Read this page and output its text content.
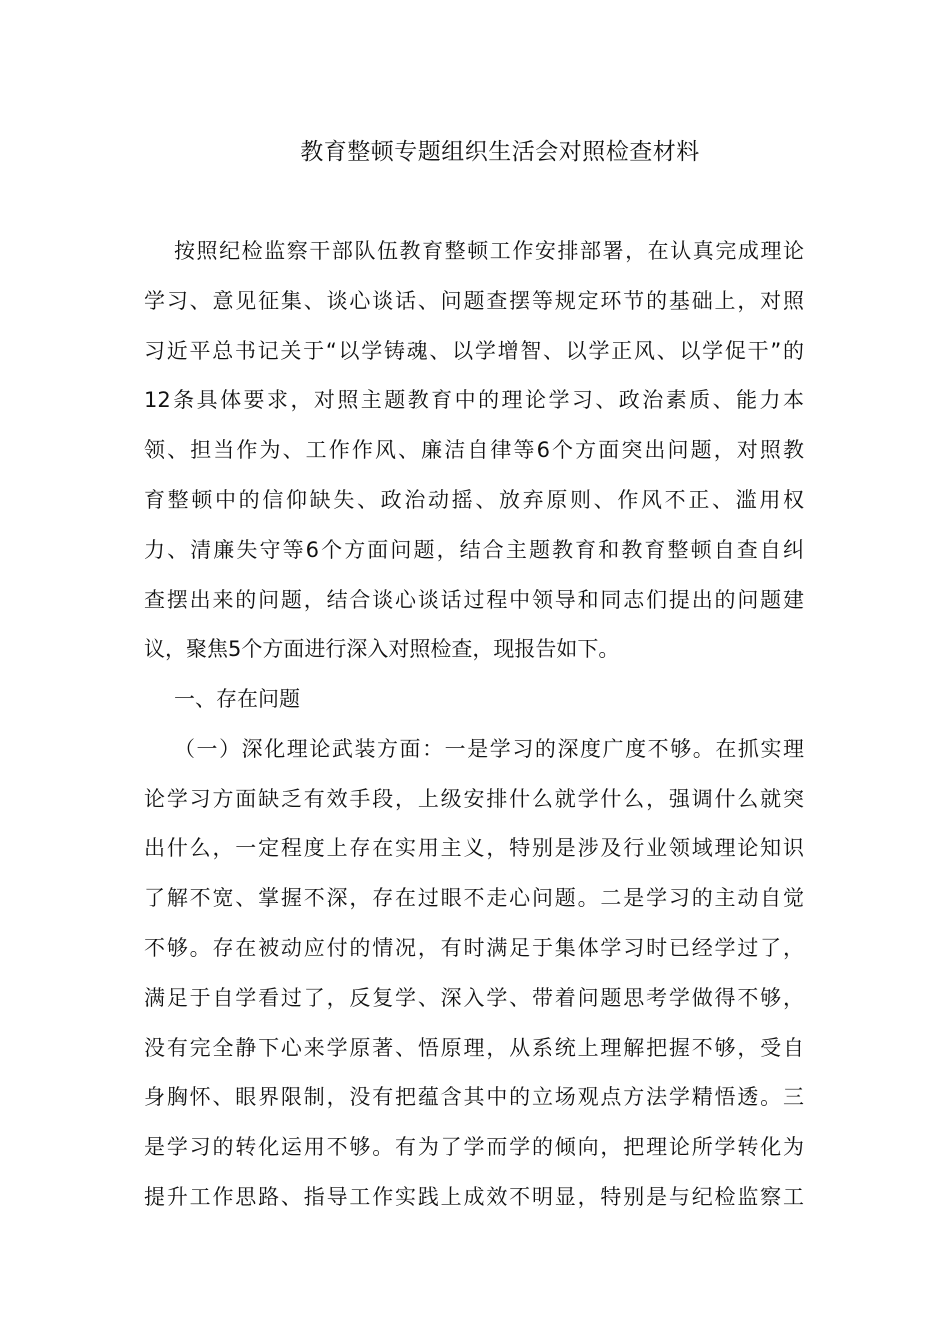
教育整顿专题组织生活会对照检查材料
按照纪检监察干部队伍教育整顿工作安排部署，在认真完成理论
学习、意见征集、谈心谈话、问题查摆等规定环节的基础上，对照
习近平总书记关于“以学铸魂、以学增智、以学正风、以学促干”的
12条具体要求，对照主题教育中的理论学习、政治素质、能力本
领、担当作为、工作作风、廉洁自律等6个方面突出问题，对照教
育整顿中的信仰缺失、政治动摇、放弃原则、作风不正、滥用权
力、清廉失守等6个方面问题，结合主题教育和教育整顿自查自纠
查摆出来的问题，结合谈心谈话过程中领导和同志们提出的问题建
议，聚焦5个方面进行深入对照检查，现报告如下。
一、存在问题
（一）深化理论武装方面：一是学习的深度广度不够。在抓实理
论学习方面缺乏有效手段，上级安排什么就学什么，强调什么就突
出什么，一定程度上存在实用主义，特别是涉及行业领域理论知识
了解不宽、掌握不深，存在过眼不走心问题。二是学习的主动自觉
不够。存在被动应付的情况，有时满足于集体学习时已经学过了，
满足于自学看过了，反复学、深入学、带着问题思考学做得不够，
没有完全静下心来学原著、悟原理，从系统上理解把握不够，受自
身胸怀、眼界限制，没有把蕴含其中的立场观点方法学精悟透。三
是学习的转化运用不够。有为了学而学的倾向，把理论所学转化为
提升工作思路、指导工作实践上成效不明显，特别是与纪检监察工
